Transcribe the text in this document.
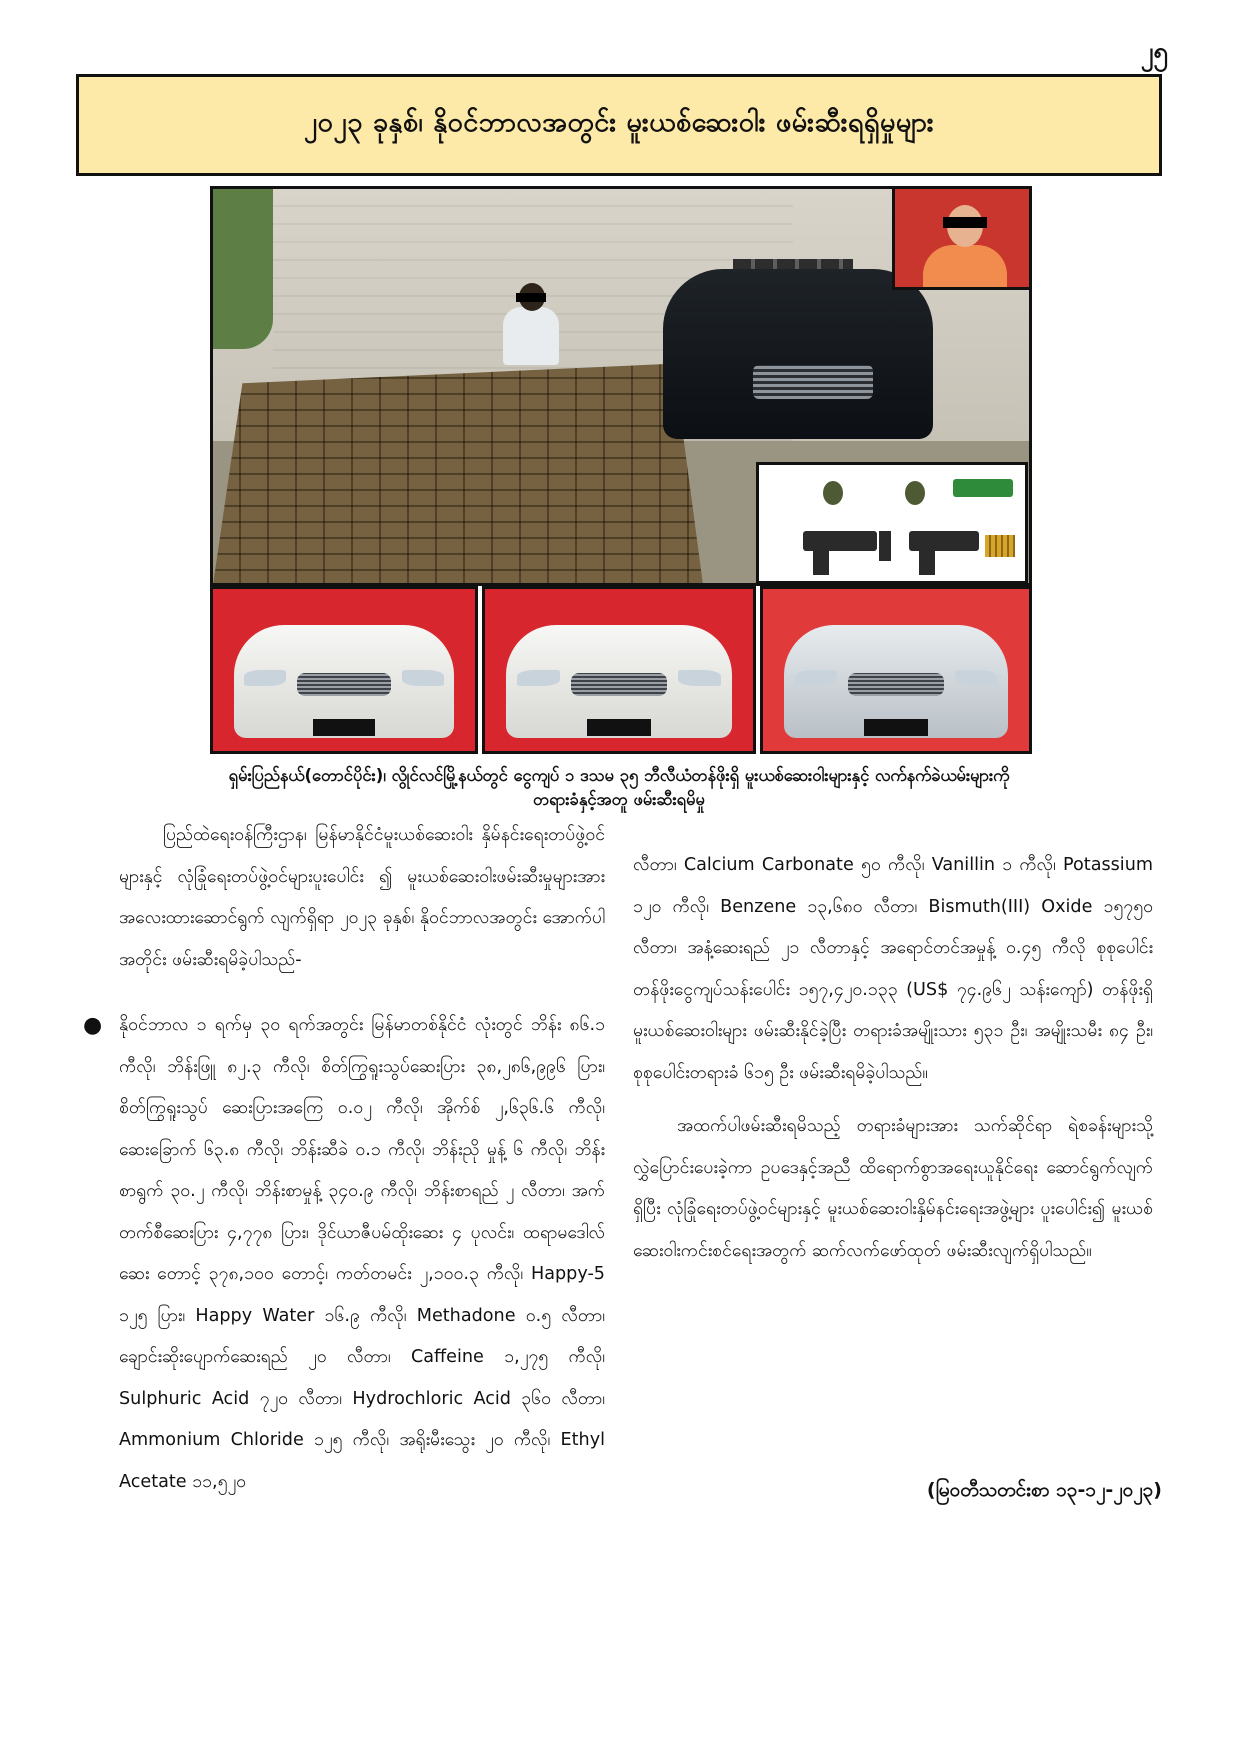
၂၅
၂၀၂၃ ခုနှစ်၊ နိုဝင်ဘာလအတွင်း မူးယစ်ဆေးဝါး ဖမ်းဆီးရရှိမှုများ
ရှမ်းပြည်နယ်(တောင်ပိုင်း)၊ လွိုင်လင်မြို့နယ်တွင် ငွေကျပ် ၁ ဒသမ ၃၅ ဘီလီယံတန်ဖိုးရှိ မူးယစ်ဆေးဝါးများနှင့် လက်နက်ခဲယမ်းများကို
တရားခံနှင့်အတူ ဖမ်းဆီးရမိမှု

ပြည်ထဲရေးဝန်ကြီးဌာန၊ မြန်မာနိုင်ငံမူးယစ်ဆေးဝါး နှိမ်နင်းရေးတပ်ဖွဲ့ဝင်များနှင့် လုံခြုံရေးတပ်ဖွဲ့ဝင်များပူးပေါင်း ၍ မူးယစ်ဆေးဝါးဖမ်းဆီးမှုများအား အလေးထားဆောင်ရွက် လျက်ရှိရာ ၂၀၂၃ ခုနှစ်၊ နိုဝင်ဘာလအတွင်း အောက်ပါအတိုင်း ဖမ်းဆီးရမိခဲ့ပါသည်-

● နိုဝင်ဘာလ ၁ ရက်မှ ၃၀ ရက်အတွင်း မြန်မာတစ်နိုင်ငံ လုံးတွင် ဘိန်း ၈၆.၁ ကီလို၊ ဘိန်းဖြူ ၈၂.၃ ကီလို၊ စိတ်ကြွရူးသွပ်ဆေးပြား ၃၈,၂၈၆,၉၉၆ ပြား၊ စိတ်ကြွရူးသွပ် ဆေးပြားအကြေ ၀.၀၂ ကီလို၊ အိုက်စ် ၂,၆၃၆.၆ ကီလို၊ ဆေးခြောက် ၆၃.၈ ကီလို၊ ဘိန်းဆီခဲ ၀.၁ ကီလို၊ ဘိန်းညို မှုန့် ၆ ကီလို၊ ဘိန်းစာရွက် ၃၀.၂ ကီလို၊ ဘိန်းစာမှုန့် ၃၄၀.၉ ကီလို၊ ဘိန်းစာရည် ၂ လီတာ၊ အက်တက်စီဆေးပြား ၄,၇၇၈ ပြား၊ ဒိုင်ယာဇီပမ်ထိုးဆေး ၄ ပုလင်း၊ ထရာမဒေါလ်ဆေး တောင့် ၃၇၈,၁၀၀ တောင့်၊ ကတ်တမင်း ၂,၁၀၀.၃ ကီလို၊ Happy-5 ၁၂၅ ပြား၊ Happy Water ၁၆.၉ ကီလို၊ Methadone ၀.၅ လီတာ၊ ချောင်းဆိုးပျောက်ဆေးရည် ၂၀ လီတာ၊ Caffeine ၁,၂၇၅ ကီလို၊ Sulphuric Acid ၇၂၀ လီတာ၊ Hydrochloric Acid ၃၆၀ လီတာ၊ Ammonium Chloride ၁၂၅ ကီလို၊ အရိုးမီးသွေး ၂၀ ကီလို၊ Ethyl Acetate ၁၁,၅၂၀

လီတာ၊ Calcium Carbonate ၅၀ ကီလို၊ Vanillin ၁ ကီလို၊ Potassium ၁၂၀ ကီလို၊ Benzene ၁၃,၆၈၀ လီတာ၊ Bismuth(III) Oxide ၁၅၇၅၀ လီတာ၊ အနံ့ဆေးရည် ၂၁ လီတာနှင့် အရောင်တင်အမှုန့် ၀.၄၅ ကီလို စုစုပေါင်း တန်ဖိုးငွေကျပ်သန်းပေါင်း ၁၅၇,၄၂၀.၁၃၃ (US$ ၇၄.၉၆၂ သန်းကျော်) တန်ဖိုးရှိ မူးယစ်ဆေးဝါးများ ဖမ်းဆီးနိုင်ခဲ့ပြီး တရားခံအမျိုးသား ၅၃၁ ဦး၊ အမျိုးသမီး ၈၄ ဦး၊ စုစုပေါင်းတရားခံ ၆၁၅ ဦး ဖမ်းဆီးရမိခဲ့ပါသည်။

အထက်ပါဖမ်းဆီးရမိသည့် တရားခံများအား သက်ဆိုင်ရာ ရဲစခန်းများသို့ လွှဲပြောင်းပေးခဲ့ကာ ဥပဒေနှင့်အညီ ထိရောက်စွာအရေးယူနိုင်ရေး ဆောင်ရွက်လျက်ရှိပြီး လုံခြုံရေးတပ်ဖွဲ့ဝင်များနှင့် မူးယစ်ဆေးဝါးနှိမ်နင်းရေးအဖွဲ့များ ပူးပေါင်း၍ မူးယစ်ဆေးဝါးကင်းစင်ရေးအတွက် ဆက်လက်ဖော်ထုတ် ဖမ်းဆီးလျက်ရှိပါသည်။

(မြဝတီသတင်းစာ ၁၃-၁၂-၂၀၂၃)
